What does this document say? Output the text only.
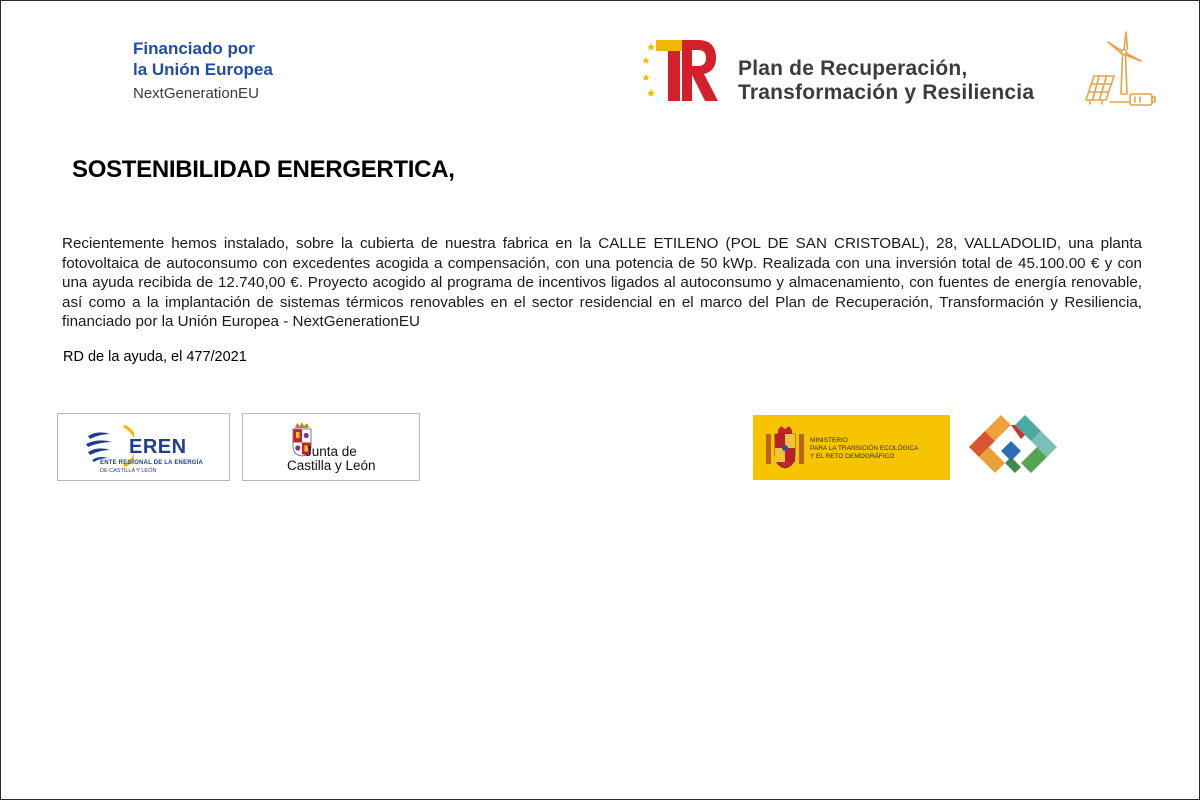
Financiado por
la Unión Europea
NextGenerationEU
Plan de Recuperación,
Transformación y Resiliencia
SOSTENIBILIDAD ENERGERTICA,
Recientemente hemos instalado, sobre la cubierta de nuestra fabrica en la CALLE ETILENO (POL DE SAN CRISTOBAL), 28, VALLADOLID, una planta fotovoltaica de autoconsumo con excedentes acogida a compensación, con una potencia de 50 kWp. Realizada con una inversión total de 45.100.00 € y con una ayuda recibida de 12.740,00 €. Proyecto acogido al programa de incentivos ligados al autoconsumo y almacenamiento, con fuentes de energía renovable, así como a la implantación de sistemas térmicos renovables en el sector residencial en el marco del Plan de Recuperación, Transformación y Resiliencia, financiado por la Unión Europea - NextGenerationEU
RD de la ayuda, el 477/2021
EREN
ENTE REGIONAL DE LA ENERGÍA
DE CASTILLA Y LEÓN
Junta de
Castilla y León
MINISTERIO
PARA LA TRANSICIÓN ECOLÓGICA
Y EL RETO DEMOGRÁFICO
